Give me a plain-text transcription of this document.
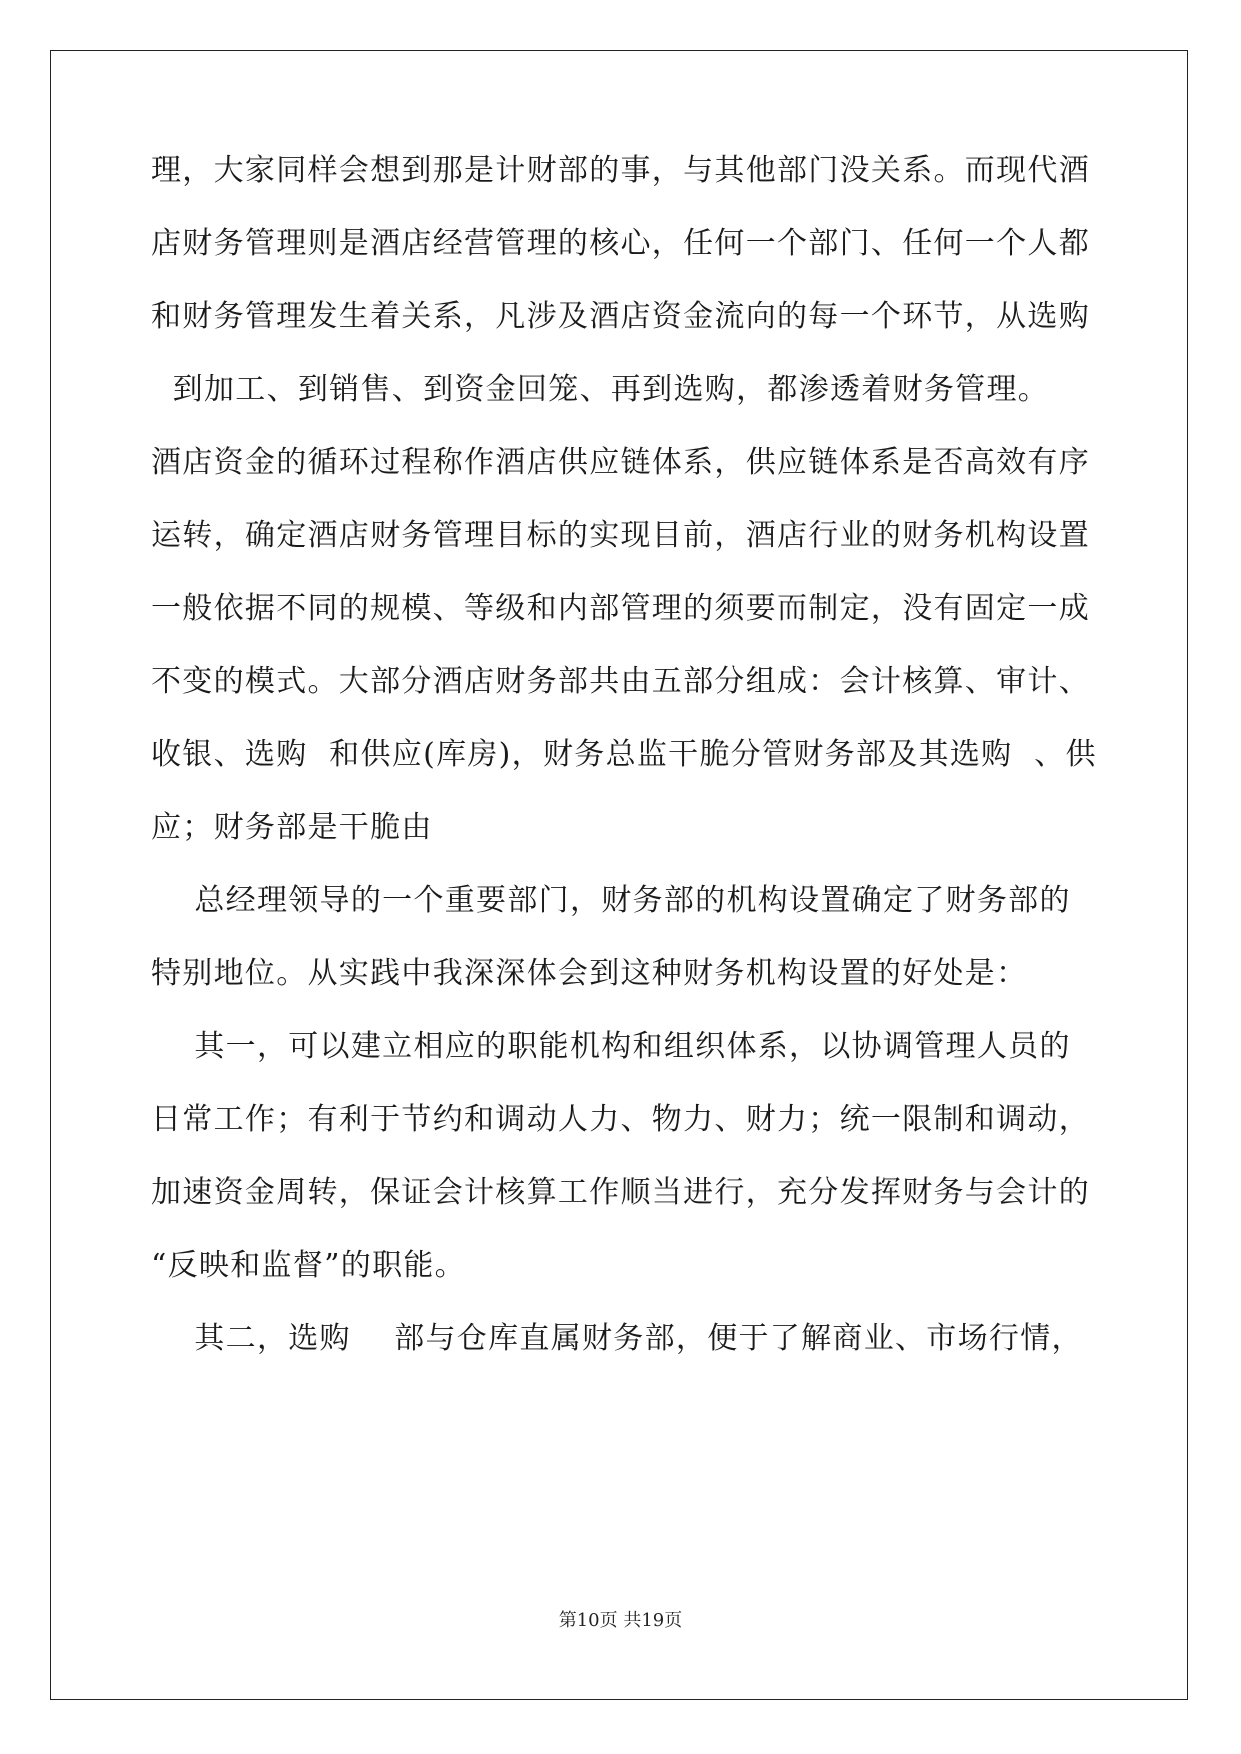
理，大家同样会想到那是计财部的事，与其他部门没关系。而现代酒
店财务管理则是酒店经营管理的核心，任何一个部门、任何一个人都
和财务管理发生着关系，凡涉及酒店资金流向的每一个环节，从选购
到加工、到销售、到资金回笼、再到选购，都渗透着财务管理。
酒店资金的循环过程称作酒店供应链体系，供应链体系是否高效有序
运转，确定酒店财务管理目标的实现目前，酒店行业的财务机构设置
一般依据不同的规模、等级和内部管理的须要而制定，没有固定一成
不变的模式。大部分酒店财务部共由五部分组成：会计核算、审计、
收银、选购  和供应(库房)，财务总监干脆分管财务部及其选购  、供
应；财务部是干脆由
总经理领导的一个重要部门，财务部的机构设置确定了财务部的
特别地位。从实践中我深深体会到这种财务机构设置的好处是：
其一，可以建立相应的职能机构和组织体系，以协调管理人员的
日常工作；有利于节约和调动人力、物力、财力；统一限制和调动，
加速资金周转，保证会计核算工作顺当进行，充分发挥财务与会计的
“反映和监督”的职能。
其二，选购    部与仓库直属财务部，便于了解商业、市场行情，
第10页 共19页
